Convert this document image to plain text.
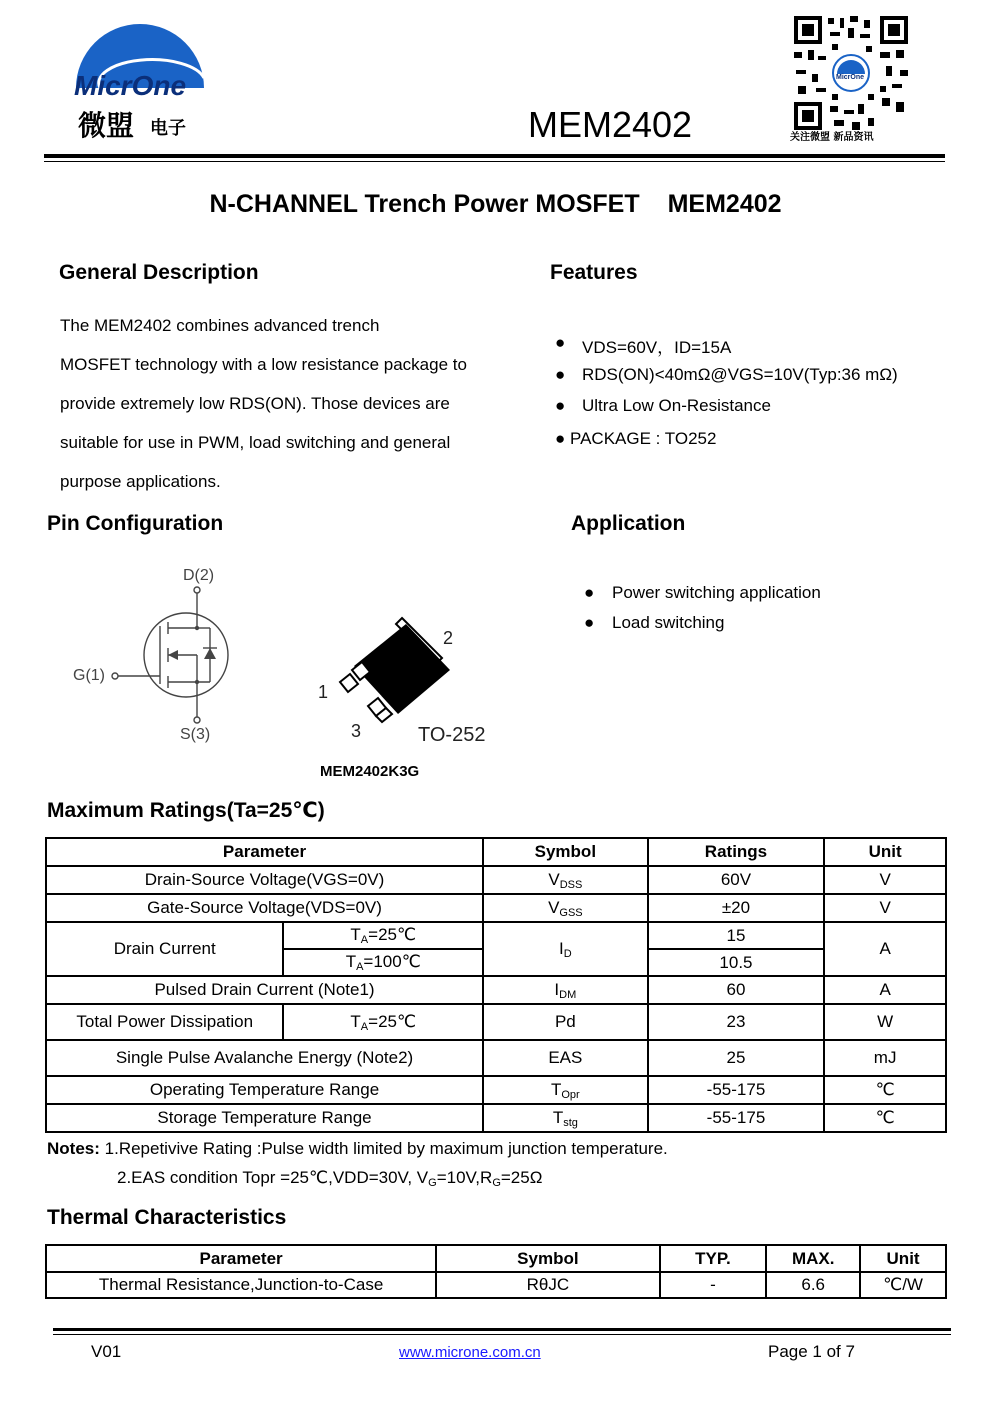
MicrOne
微盟 电子	MEM2402
MicrOne
关注微盟 新品资讯
N-CHANNEL Trench Power MOSFET MEM2402
General Description

The MEM2402 combines advanced trench

MOSFET technology with a low resistance package to

provide extremely low RDS(ON). Those devices are

suitable for use in PWM, load switching and general

purpose applications.

Features
● VDS=60V，ID=15A
● RDS(ON)<40mΩ@VGS=10V(Typ:36 mΩ)
● Ultra Low On-Resistance
● PACKAGE : TO252
Pin Configuration
D(2)
G(1)
S(3)
1
2
3	TO-252
MEM2402K3G
Application
● Power switching application
● Load switching
Maximum Ratings(Ta=25℃)
Parameter		Symbol	Ratings	Unit
Drain-Source Voltage(VGS=0V)		$V_{DSS}$	60V	V
Gate-Source Voltage(VDS=0V)		$V_{GSS}$	±20	V
Drain Current	$T_A=25℃$	$I_D$	15	A
	$T_A=100℃$		10.5	
Pulsed Drain Current (Note1)		$I_{DM}$	60	A
Total Power Dissipation	$T_A=25℃$	Pd	23	W
Single Pulse Avalanche Energy (Note2)		EAS	25	mJ
Operating Temperature Range		$T_{Opr}$	-55-175	℃
Storage Temperature Range		$T_{stg}$	-55-175	℃
Notes: 1.Repetivive Rating :Pulse width limited by maximum junction temperature.
2.EAS condition Topr =25℃,VDD=30V, $V_G=10V,R_G=25\Omega$
Thermal Characteristics
Parameter	Symbol	TYP.	MAX.	Unit
Thermal Resistance,Junction-to-Case	RθJC	-	6.6	℃/W
V01	www.microne.com.cn	Page 1 of 7
